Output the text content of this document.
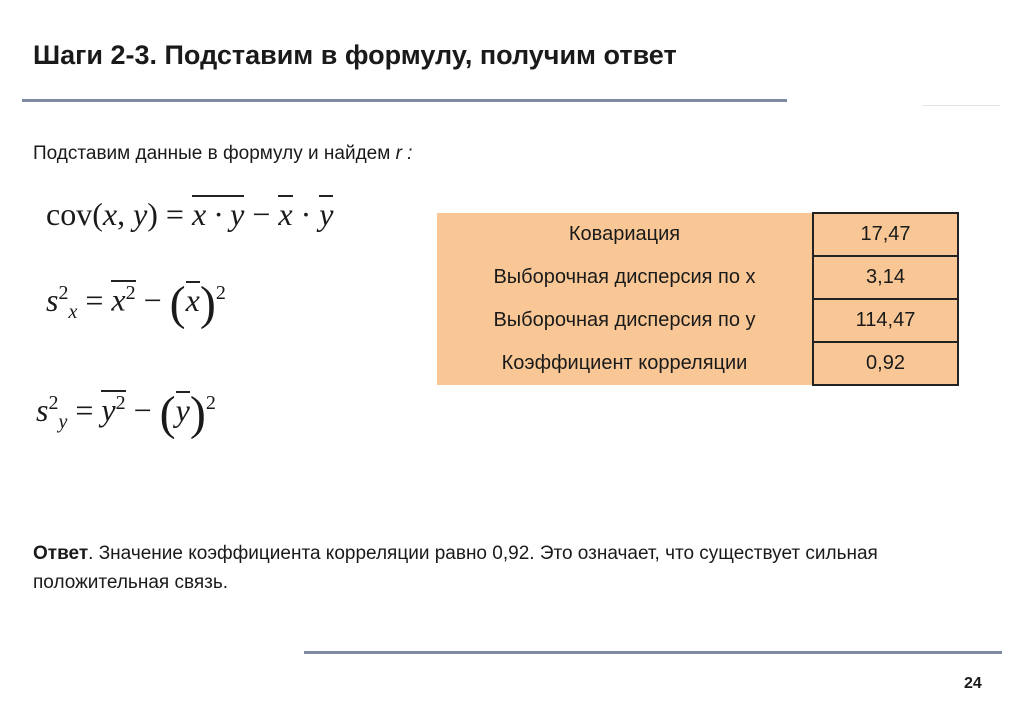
Шаги 2-3. Подставим в формулу, получим ответ
Подставим данные в формулу и найдем r :
cov(x, y) = x · y − x · y
$s^2_x = x^2 - (x)^2$
$s^2_y = y^2 - (y)^2$
Ковариация	17,47
Выборочная дисперсия по x	3,14
Выборочная дисперсия по y	114,47
Коэффициент корреляции	0,92
Ответ. Значение коэффициента корреляции равно 0,92. Это означает, что существует сильная положительная связь.
24
